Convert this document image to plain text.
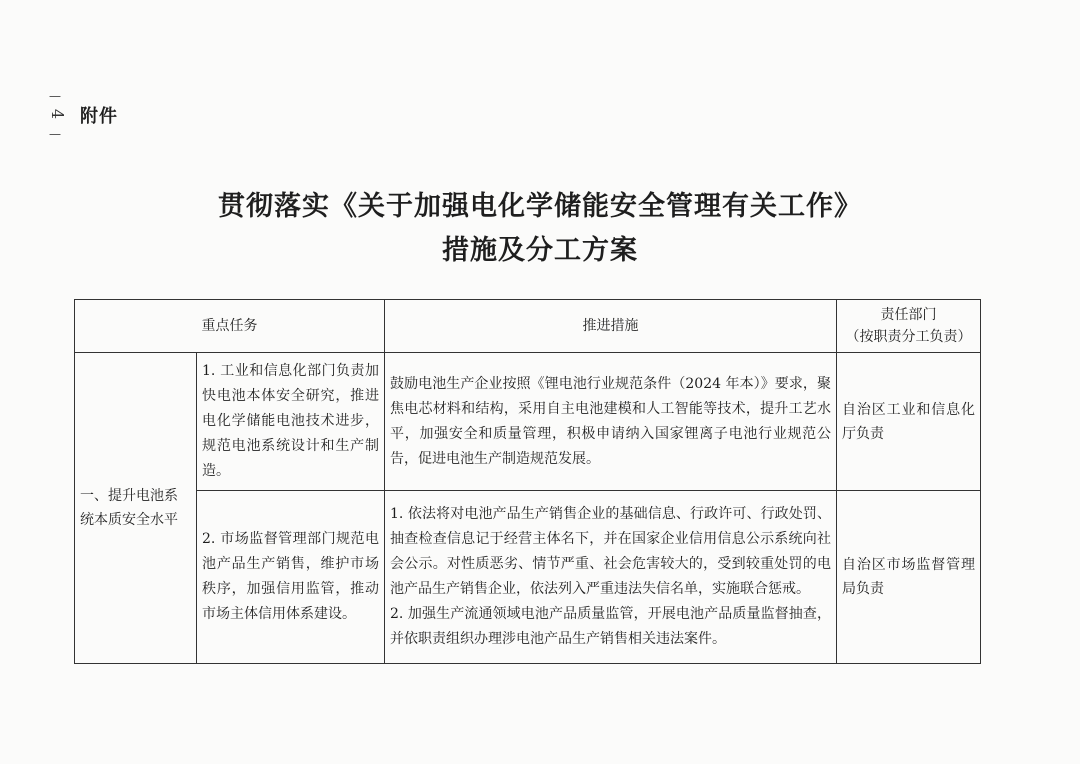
—
4
—
附件
贯彻落实《关于加强电化学储能安全管理有关工作》
措施及分工方案
重点任务		推进措施	责任部门
（按职责分工负责）

一、提升电池系统本质安全水平	1. 工业和信息化部门负责加快电池本体安全研究，推进电化学储能电池技术进步，规范电池系统设计和生产制造。	鼓励电池生产企业按照《锂电池行业规范条件（2024 年本）》要求，聚焦电芯材料和结构，采用自主电池建模和人工智能等技术，提升工艺水平，加强安全和质量管理，积极申请纳入国家锂离子电池行业规范公告，促进电池生产制造规范发展。	自治区工业和信息化厅负责
	2. 市场监督管理部门规范电池产品生产销售，维护市场秩序，加强信用监管，推动市场主体信用体系建设。	1. 依法将对电池产品生产销售企业的基础信息、行政许可、行政处罚、抽查检查信息记于经营主体名下，并在国家企业信用信息公示系统向社会公示。对性质恶劣、情节严重、社会危害较大的，受到较重处罚的电池产品生产销售企业，依法列入严重违法失信名单，实施联合惩戒。
2. 加强生产流通领域电池产品质量监管，开展电池产品质量监督抽查，并依职责组织办理涉电池产品生产销售相关违法案件。	自治区市场监督管理局负责
